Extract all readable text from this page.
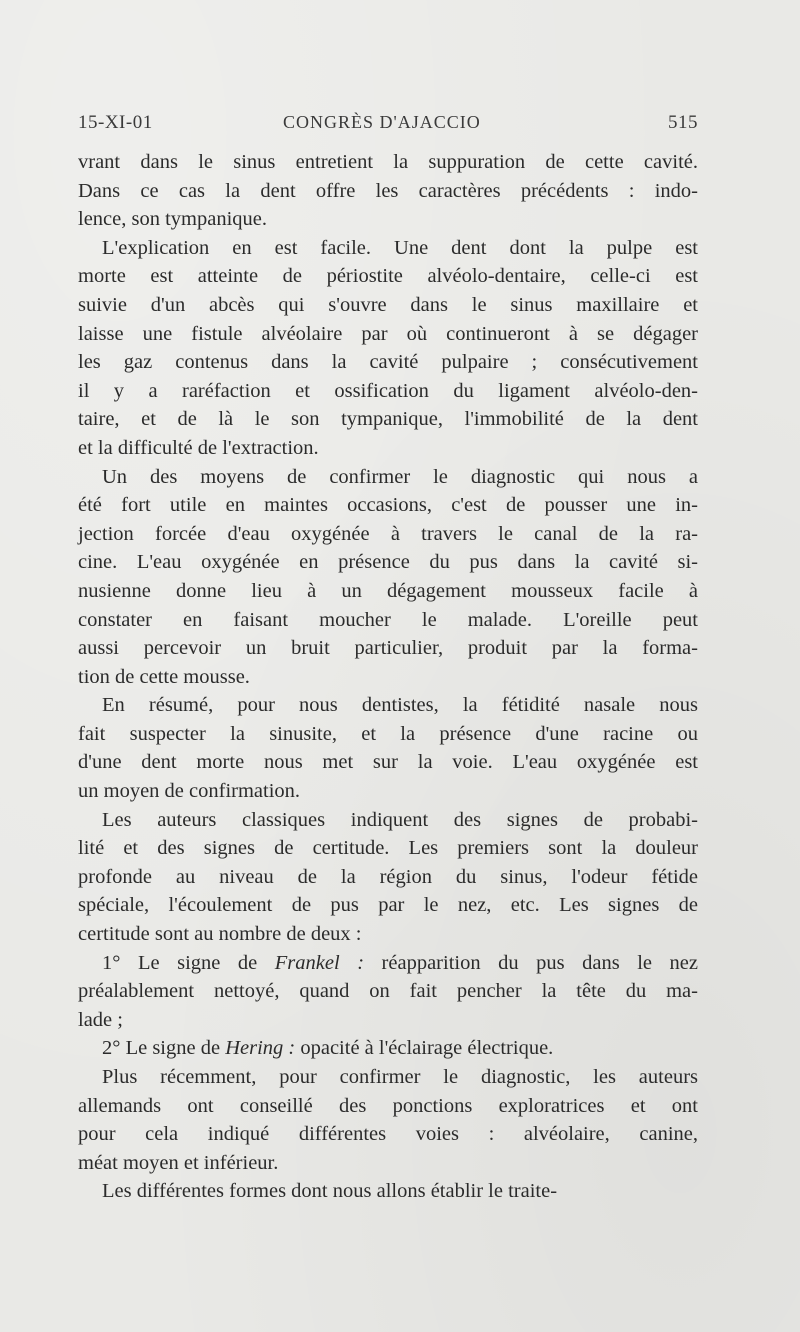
15-XI-01	CONGRÈS D'AJACCIO	515
vrant dans le sinus entretient la suppuration de cette cavité.
Dans ce cas la dent offre les caractères précédents : indo-
lence, son tympanique.
L'explication en est facile. Une dent dont la pulpe est
morte est atteinte de périostite alvéolo-dentaire, celle-ci est
suivie d'un abcès qui s'ouvre dans le sinus maxillaire et
laisse une fistule alvéolaire par où continueront à se dégager
les gaz contenus dans la cavité pulpaire ; consécutivement
il y a raréfaction et ossification du ligament alvéolo-den-
taire, et de là le son tympanique, l'immobilité de la dent
et la difficulté de l'extraction.
Un des moyens de confirmer le diagnostic qui nous a
été fort utile en maintes occasions, c'est de pousser une in-
jection forcée d'eau oxygénée à travers le canal de la ra-
cine. L'eau oxygénée en présence du pus dans la cavité si-
nusienne donne lieu à un dégagement mousseux facile à
constater en faisant moucher le malade. L'oreille peut
aussi percevoir un bruit particulier, produit par la forma-
tion de cette mousse.
En résumé, pour nous dentistes, la fétidité nasale nous
fait suspecter la sinusite, et la présence d'une racine ou
d'une dent morte nous met sur la voie. L'eau oxygénée est
un moyen de confirmation.
Les auteurs classiques indiquent des signes de probabi-
lité et des signes de certitude. Les premiers sont la douleur
profonde au niveau de la région du sinus, l'odeur fétide
spéciale, l'écoulement de pus par le nez, etc. Les signes de
certitude sont au nombre de deux :
1° Le signe de Frankel : réapparition du pus dans le nez
préalablement nettoyé, quand on fait pencher la tête du ma-
lade ;
2° Le signe de Hering : opacité à l'éclairage électrique.
Plus récemment, pour confirmer le diagnostic, les auteurs
allemands ont conseillé des ponctions exploratrices et ont
pour cela indiqué différentes voies : alvéolaire, canine,
méat moyen et inférieur.
Les différentes formes dont nous allons établir le traite-
